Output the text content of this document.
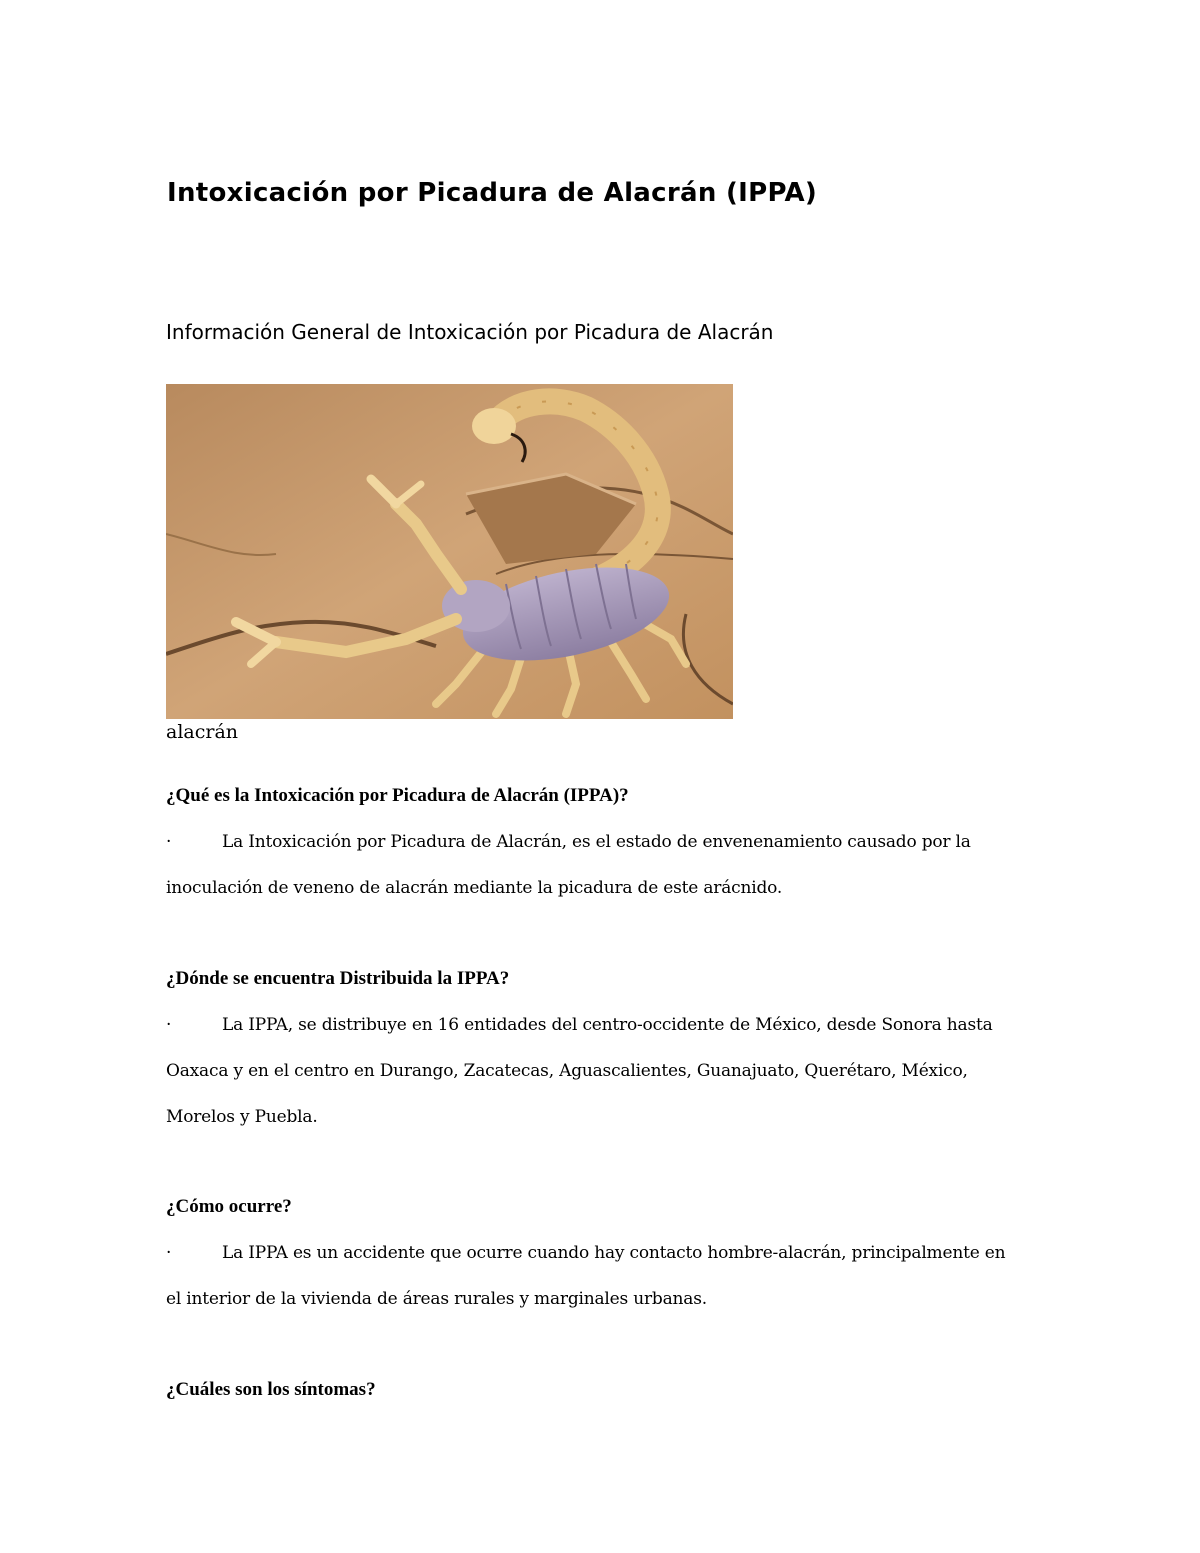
Intoxicación por Picadura de Alacrán (IPPA)
Información General de Intoxicación por Picadura de Alacrán
alacrán
¿Qué es la Intoxicación por Picadura de Alacrán (IPPA)?
·	La Intoxicación por Picadura de Alacrán, es el estado de envenenamiento causado por la
inoculación de veneno de alacrán mediante la picadura de este arácnido.
¿Dónde se encuentra Distribuida la IPPA?
·	La IPPA, se distribuye en 16 entidades del centro-occidente de México, desde Sonora hasta
Oaxaca y en el centro en Durango, Zacatecas, Aguascalientes, Guanajuato, Querétaro, México,
Morelos y Puebla.
¿Cómo ocurre?
·	La IPPA es un accidente que ocurre cuando hay contacto hombre-alacrán, principalmente en
el interior de la vivienda de áreas rurales y marginales urbanas.
¿Cuáles son los síntomas?
